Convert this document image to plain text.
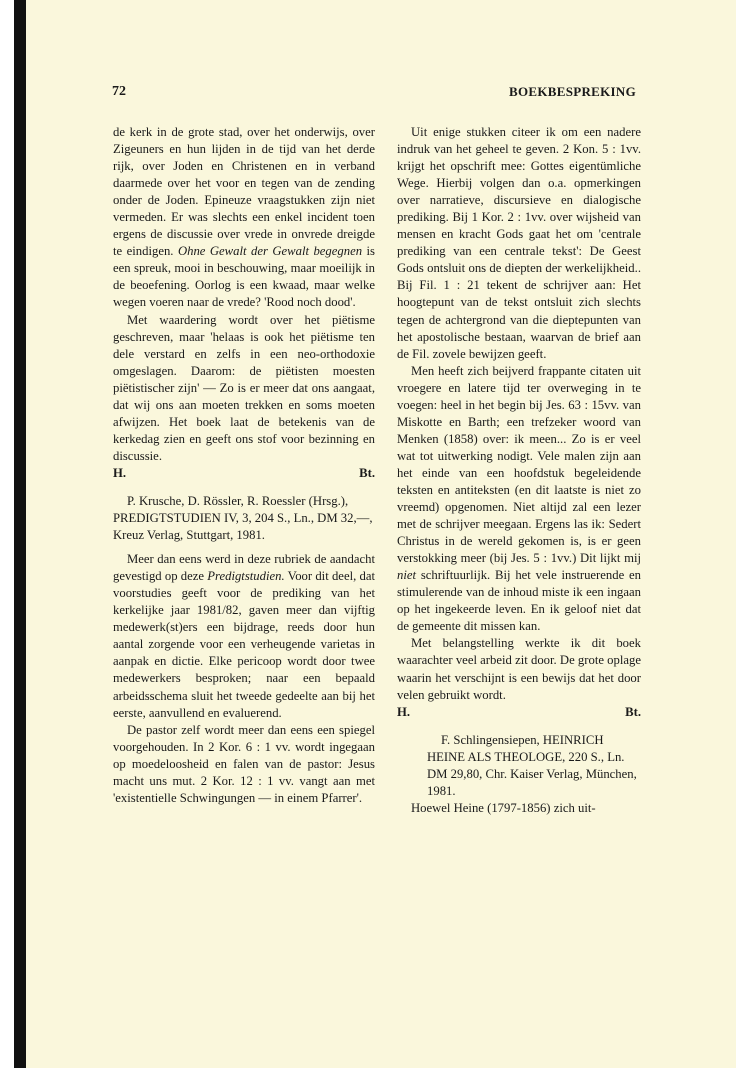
72	BOEKBESPREKING

de kerk in de grote stad, over het onderwijs, over Zigeuners en hun lijden in de tijd van het derde rijk, over Joden en Christenen en in verband daarmede over het voor en tegen van de zending onder de Joden. Epineuze vraagstukken zijn niet vermeden. Er was slechts een enkel incident toen ergens de discussie over vrede in onvrede dreigde te eindigen. Ohne Gewalt der Gewalt begegnen is een spreuk, mooi in beschouwing, maar moeilijk in de beoefening. Oorlog is een kwaad, maar welke wegen voeren naar de vrede? 'Rood noch dood'.

Met waardering wordt over het piëtisme geschreven, maar 'helaas is ook het piëtisme ten dele verstard en zelfs in een neo-orthodoxie omgeslagen. Daarom: de piëtisten moesten piëtistischer zijn' — Zo is er meer dat ons aangaat, dat wij ons aan moeten trekken en soms moeten afwijzen. Het boek laat de betekenis van de kerkedag zien en geeft ons stof voor bezinning en discussie.

H.	Bt.

P. Krusche, D. Rössler, R. Roessler (Hrsg.), PREDIGTSTUDIEN IV, 3, 204 S., Ln., DM 32,—, Kreuz Verlag, Stuttgart, 1981.

Meer dan eens werd in deze rubriek de aandacht gevestigd op deze Predigtstudien. Voor dit deel, dat voorstudies geeft voor de prediking van het kerkelijke jaar 1981/82, gaven meer dan vijftig medewerk(st)ers een bijdrage, reeds door hun aantal zorgende voor een verheugende varietas in aanpak en dictie. Elke pericoop wordt door twee medewerkers besproken; naar een bepaald arbeidsschema sluit het tweede gedeelte aan bij het eerste, aanvullend en evaluerend.

De pastor zelf wordt meer dan eens een spiegel voorgehouden. In 2 Kor. 6 : 1 vv. wordt ingegaan op moedeloosheid en falen van de pastor: Jesus macht uns mut. 2 Kor. 12 : 1 vv. vangt aan met 'existentielle Schwingungen — in einem Pfarrer'.

Uit enige stukken citeer ik om een nadere indruk van het geheel te geven. 2 Kon. 5 : 1vv. krijgt het opschrift mee: Gottes eigentümliche Wege. Hierbij volgen dan o.a. opmerkingen over narratieve, discursieve en dialogische prediking. Bij 1 Kor. 2 : 1vv. over wijsheid van mensen en kracht Gods gaat het om 'centrale prediking van een centrale tekst': De Geest Gods ontsluit ons de diepten der werkelijkheid.. Bij Fil. 1 : 21 tekent de schrijver aan: Het hoogtepunt van de tekst ontsluit zich slechts tegen de achtergrond van die dieptepunten van het apostolische bestaan, waarvan de brief aan de Fil. zovele bewijzen geeft.

Men heeft zich beijverd frappante citaten uit vroegere en latere tijd ter overweging in te voegen: heel in het begin bij Jes. 63 : 15vv. van Miskotte en Barth; een trefzeker woord van Menken (1858) over: ik meen... Zo is er veel wat tot uitwerking nodigt. Vele malen zijn aan het einde van een hoofdstuk begeleidende teksten en antiteksten (en dit laatste is niet zo vreemd) opgenomen. Niet altijd zal een lezer met de schrijver meegaan. Ergens las ik: Sedert Christus in de wereld gekomen is, is er geen verstokking meer (bij Jes. 5 : 1vv.) Dit lijkt mij niet schriftuurlijk. Bij het vele instruerende en stimulerende van de inhoud miste ik een ingaan op het ingekeerde leven. En ik geloof niet dat de gemeente dit missen kan.

Met belangstelling werkte ik dit boek waarachter veel arbeid zit door. De grote oplage waarin het verschijnt is een bewijs dat het door velen gebruikt wordt.

H.	Bt.

F. Schlingensiepen, HEINRICH HEINE ALS THEOLOGE, 220 S., Ln. DM 29,80, Chr. Kaiser Verlag, München, 1981.

Hoewel Heine (1797-1856) zich uit-
